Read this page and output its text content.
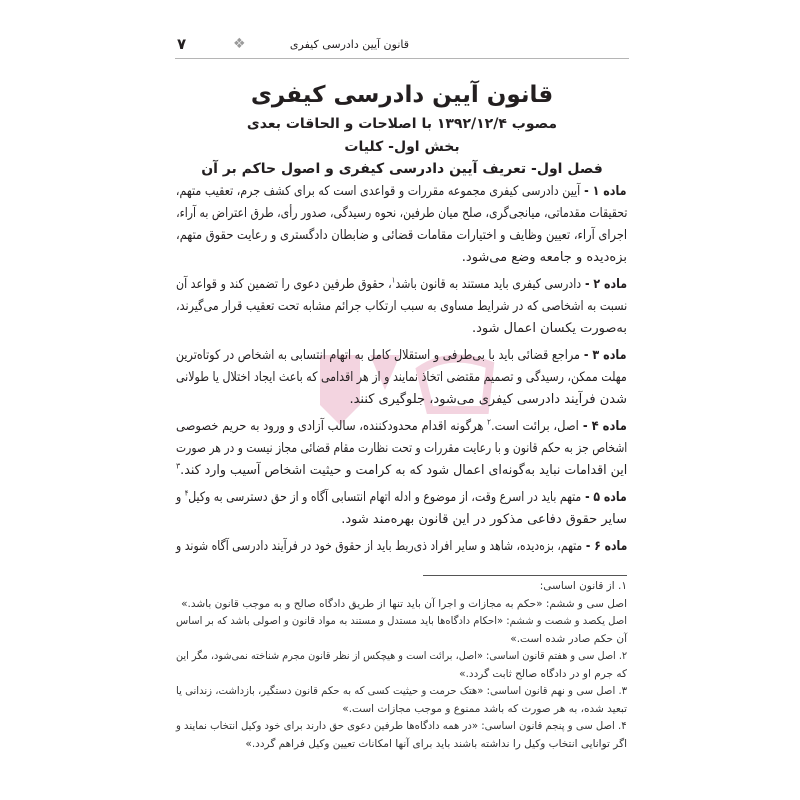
قانون آیین دادرسی کیفری
❖
۷
قانون آیین دادرسی کیفری
مصوب ۱۳۹۲/۱۲/۴ با اصلاحات و الحاقات بعدی
بخش اول- کلیات
فصل اول- تعریف آیین دادرسی کیفری و اصول حاکم بر آن
ماده ۱ - آیین دادرسی کیفری مجموعه مقررات و قواعدی است که برای کشف جرم، تعقیب متهم،
تحقیقات مقدماتی، میانجی‌گری، صلح میان طرفین، نحوه رسیدگی، صدور رأی، طرق اعتراض به آراء،
اجرای آراء، تعیین وظایف و اختیارات مقامات قضائی و ضابطان دادگستری و رعایت حقوق متهم،
بزه‌دیده و جامعه وضع می‌شود.
ماده ۲ - دادرسی کیفری باید مستند به قانون باشد$^۱$، حقوق طرفین دعوی را تضمین کند و قواعد آن
نسبت به اشخاصی که در شرایط مساوی به سبب ارتکاب جرائم مشابه تحت تعقیب قرار می‌گیرند،
به‌صورت یکسان اعمال شود.
ماده ۳ - مراجع قضائی باید با بی‌طرفی و استقلال کامل به اتهام انتسابی به اشخاص در کوتاه‌ترین
مهلت ممکن، رسیدگی و تصمیم مقتضی اتخاذ نمایند و از هر اقدامی که باعث ایجاد اختلال یا طولانی
شدن فرآیند دادرسی کیفری می‌شود، جلوگیری کنند.
ماده ۴ - اصل، برائت است.$^۲$ هرگونه اقدام محدودکننده، سالب آزادی و ورود به حریم خصوصی
اشخاص جز به حکم قانون و با رعایت مقررات و تحت نظارت مقام قضائی مجاز نیست و در هر صورت
این اقدامات نباید به‌گونه‌ای اعمال شود که به کرامت و حیثیت اشخاص آسیب وارد کند.$^۳$
ماده ۵ - متهم باید در اسرع وقت، از موضوع و ادله اتهام انتسابی آگاه و از حق دسترسی به وکیل$^۴$ و
سایر حقوق دفاعی مذکور در این قانون بهره‌مند شود.
ماده ۶ - متهم، بزه‌دیده، شاهد و سایر افراد ذی‌ربط باید از حقوق خود در فرآیند دادرسی آگاه شوند و
۱. از قانون اساسی:
اصل سی و ششم: «حکم به مجازات و اجرا آن باید تنها از طریق دادگاه صالح و به موجب قانون باشد.»
اصل یکصد و شصت و ششم: «احکام دادگاه‌ها باید مستدل و مستند به مواد قانون و اصولی باشد که بر اساس
آن حکم صادر شده است.»
۲. اصل سی و هفتم قانون اساسی: «اصل، برائت است و هیچکس از نظر قانون مجرم شناخته نمی‌شود، مگر این
که جرم او در دادگاه صالح ثابت گردد.»
۳. اصل سی و نهم قانون اساسی: «هتک حرمت و حیثیت کسی که به حکم قانون دستگیر، بازداشت، زندانی یا
تبعید شده، به هر صورت که باشد ممنوع و موجب مجازات است.»
۴. اصل سی و پنجم قانون اساسی: «در همه دادگاه‌ها طرفین دعوی حق دارند برای خود وکیل انتخاب نمایند و
اگر توانایی انتخاب وکیل را نداشته باشند باید برای آنها امکانات تعیین وکیل فراهم گردد.»
